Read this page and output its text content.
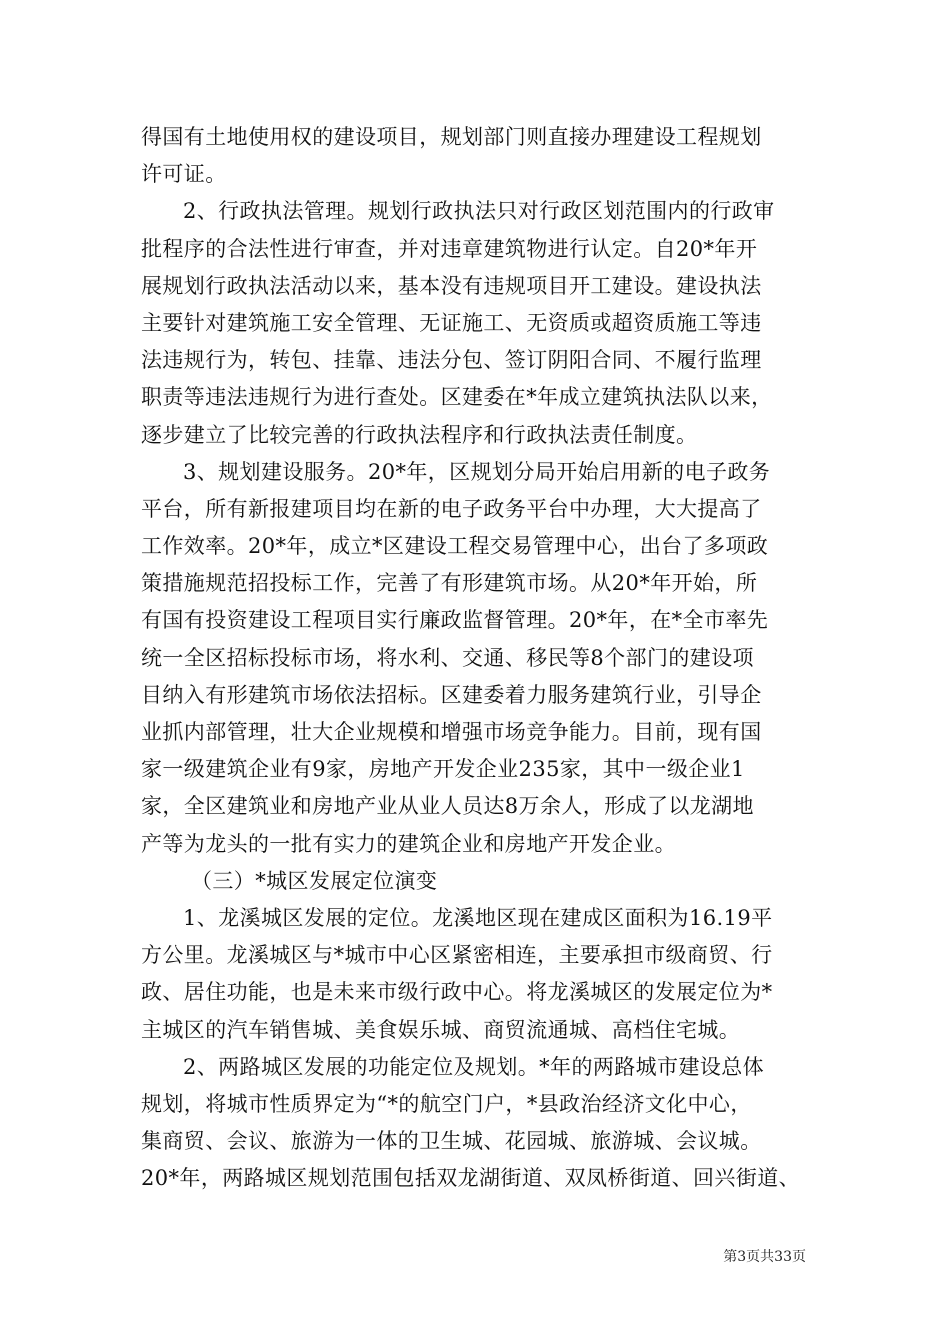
得国有土地使用权的建设项目，规划部门则直接办理建设工程规划
许可证。
2、行政执法管理。规划行政执法只对行政区划范围内的行政审
批程序的合法性进行审查，并对违章建筑物进行认定。自20*年开
展规划行政执法活动以来，基本没有违规项目开工建设。建设执法
主要针对建筑施工安全管理、无证施工、无资质或超资质施工等违
法违规行为，转包、挂靠、违法分包、签订阴阳合同、不履行监理
职责等违法违规行为进行查处。区建委在*年成立建筑执法队以来，
逐步建立了比较完善的行政执法程序和行政执法责任制度。
3、规划建设服务。20*年，区规划分局开始启用新的电子政务
平台，所有新报建项目均在新的电子政务平台中办理，大大提高了
工作效率。20*年，成立*区建设工程交易管理中心，出台了多项政
策措施规范招投标工作，完善了有形建筑市场。从20*年开始，所
有国有投资建设工程项目实行廉政监督管理。20*年，在*全市率先
统一全区招标投标市场，将水利、交通、移民等8个部门的建设项
目纳入有形建筑市场依法招标。区建委着力服务建筑行业，引导企
业抓内部管理，壮大企业规模和增强市场竞争能力。目前，现有国
家一级建筑企业有9家，房地产开发企业235家，其中一级企业1
家，全区建筑业和房地产业从业人员达8万余人，形成了以龙湖地
产等为龙头的一批有实力的建筑企业和房地产开发企业。
（三）*城区发展定位演变
1、龙溪城区发展的定位。龙溪地区现在建成区面积为16.19平
方公里。龙溪城区与*城市中心区紧密相连，主要承担市级商贸、行
政、居住功能，也是未来市级行政中心。将龙溪城区的发展定位为*
主城区的汽车销售城、美食娱乐城、商贸流通城、高档住宅城。
2、两路城区发展的功能定位及规划。*年的两路城市建设总体
规划，将城市性质界定为“*的航空门户，*县政治经济文化中心，
集商贸、会议、旅游为一体的卫生城、花园城、旅游城、会议城。
20*年，两路城区规划范围包括双龙湖街道、双凤桥街道、回兴街道、
第3页共33页
